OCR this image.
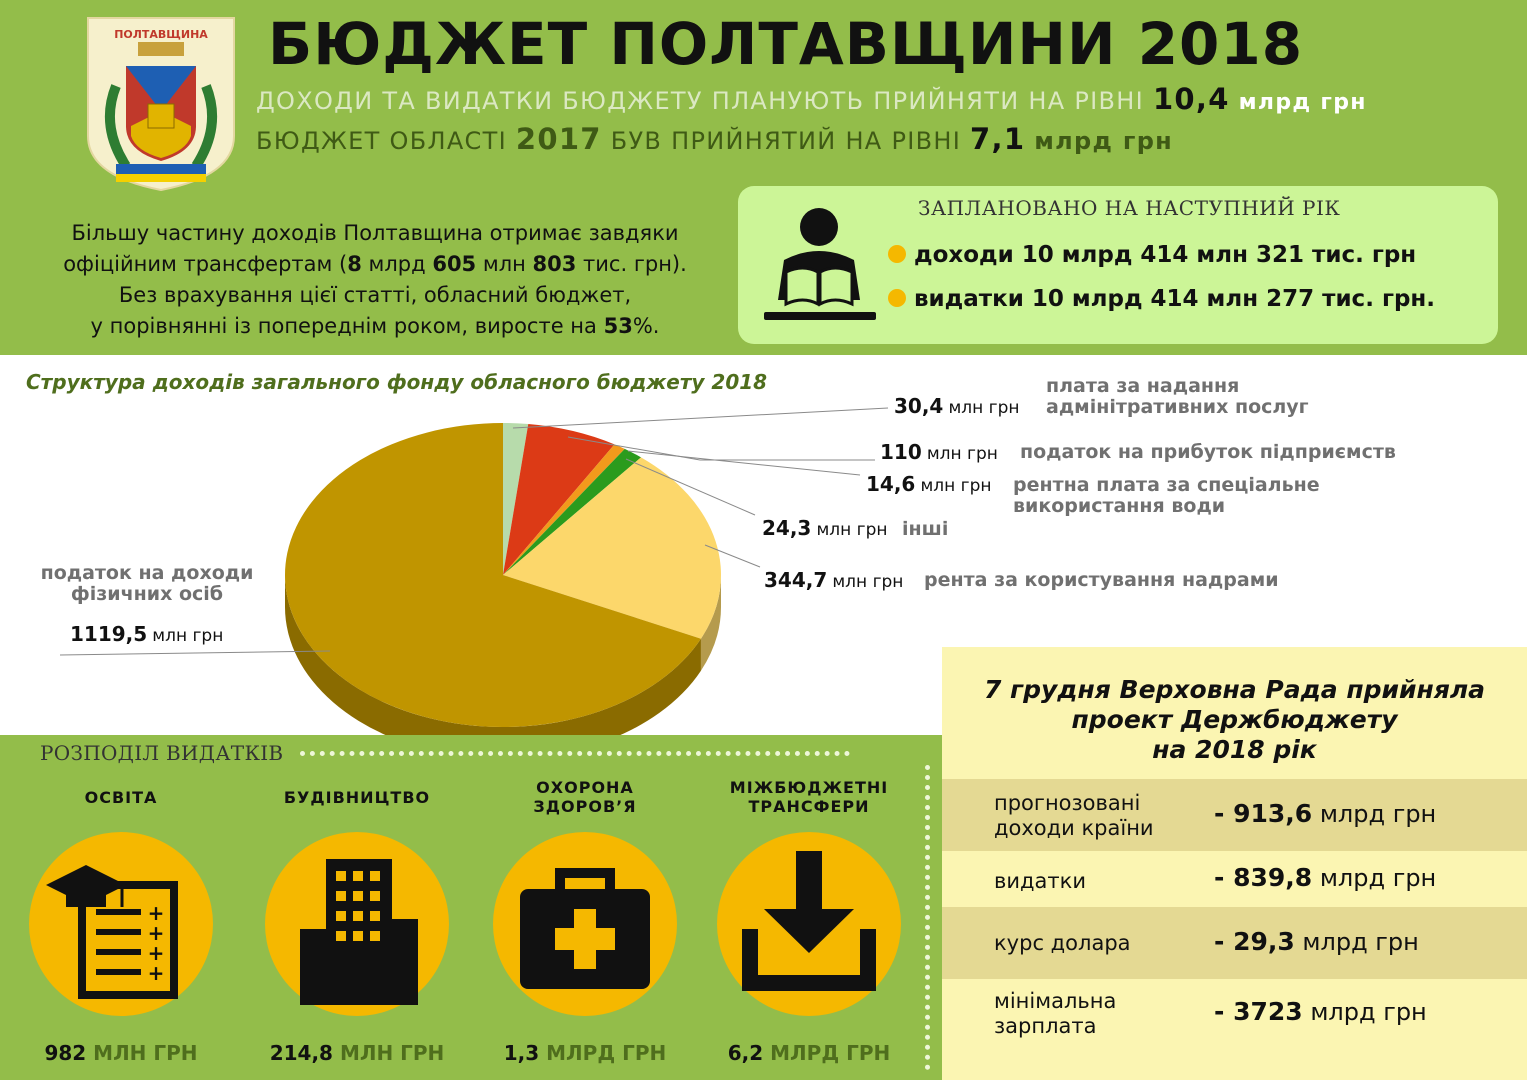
ПОЛТАВЩИНА БЮДЖЕТ ПОЛТАВЩИНИ 2018
ДОХОДИ ТА ВИДАТКИ БЮДЖЕТУ ПЛАНУЮТЬ ПРИЙНЯТИ НА РІВНІ 10,4 млрд грн
БЮДЖЕТ ОБЛАСТІ 2017 БУВ ПРИЙНЯТИЙ НА РІВНІ 7,1 млрд грн
Більшу частину доходів Полтавщина отримає завдяки
офіційним трансфертам (8 млрд 605 млн 803 тис. грн).
Без врахування цієї статті, обласний бюджет,
у порівнянні із попереднім роком, виросте на 53%.
ЗАПЛАНОВАНО НА НАСТУПНИЙ РІК
доходи 10 млрд 414 млн 321 тис. грн
видатки 10 млрд 414 млн 277 тис. грн.
Структура доходів загального фонду обласного бюджету 2018
30,4 млн грн
плата за надання
адмінітративних послуг
110 млн грн податок на прибуток підприємств
14,6 млн грн рентна плата за спеціальне
використання води
24,3 млн грн інші
344,7 млн грн рента за користування надрами
податок на доходи
фізичних осіб
1119,5 млн грн
РОЗПОДІЛ ВИДАТКІВ
ОСВІТА
+
+
+
+
982 МЛН ГРН
БУДІВНИЦТВО
214,8 МЛН ГРН
ОХОРОНА
ЗДОРОВ’Я
1,3 МЛРД ГРН
МІЖБЮДЖЕТНІ
ТРАНСФЕРИ
6,2 МЛРД ГРН
7 грудня Верховна Рада прийняла
проект Держбюджету
на 2018 рік
прогнозовані
доходи країни - 913,6 млрд грн
видатки	- 839,8 млрд грн
курс долара	- 29,3 млрд грн
мінімальна
зарплата	- 3723 млрд грн
